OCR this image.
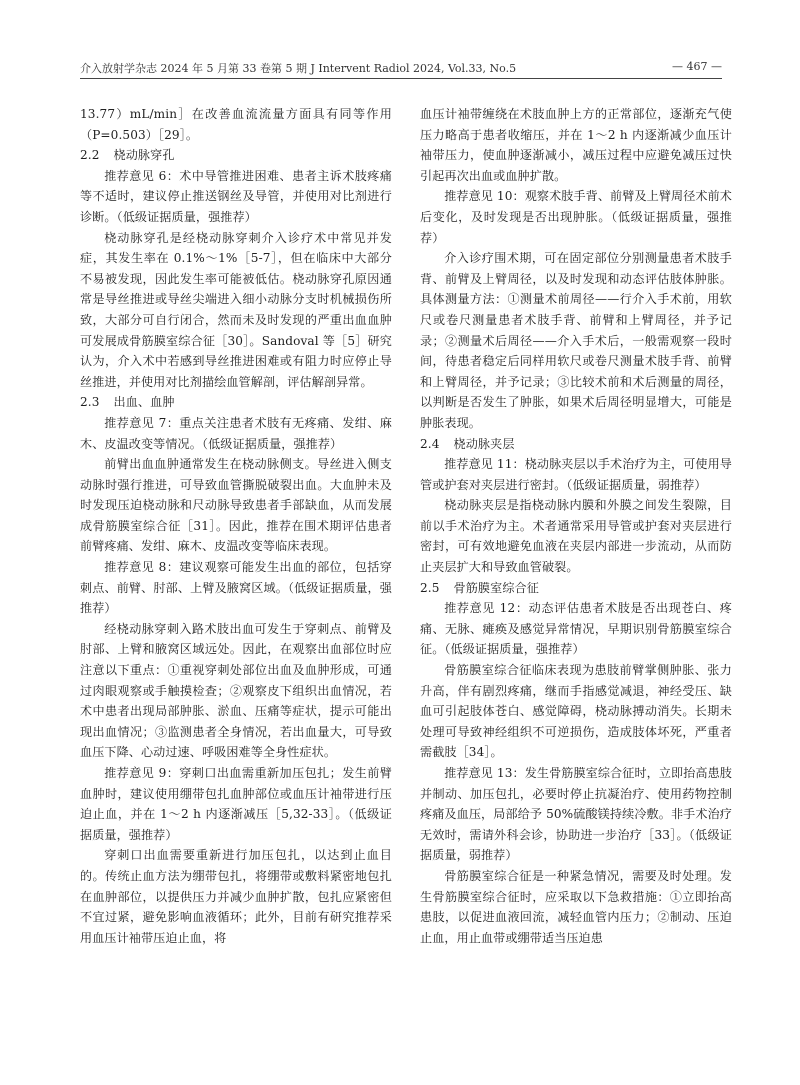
介入放射学杂志 2024 年 5 月第 33 卷第 5 期 J Intervent Radiol 2024, Vol.33, No.5	— 467 —

13.77）mL/min］在改善血流流量方面具有同等作用（P=0.503）［29］。

2.2 桡动脉穿孔

推荐意见 6：术中导管推进困难、患者主诉术肢疼痛等不适时，建议停止推送钢丝及导管，并使用对比剂进行诊断。（低级证据质量，强推荐）

桡动脉穿孔是经桡动脉穿刺介入诊疗术中常见并发症，其发生率在 0.1%～1%［5-7］，但在临床中大部分不易被发现，因此发生率可能被低估。桡动脉穿孔原因通常是导丝推进或导丝尖端进入细小动脉分支时机械损伤所致，大部分可自行闭合，然而未及时发现的严重出血血肿可发展成骨筋膜室综合征［30］。Sandoval 等［5］研究认为，介入术中若感到导丝推进困难或有阻力时应停止导丝推进，并使用对比剂描绘血管解剖，评估解剖异常。

2.3 出血、血肿

推荐意见 7：重点关注患者术肢有无疼痛、发绀、麻木、皮温改变等情况。（低级证据质量，强推荐）

前臂出血血肿通常发生在桡动脉侧支。导丝进入侧支动脉时强行推进，可导致血管撕脱破裂出血。大血肿未及时发现压迫桡动脉和尺动脉导致患者手部缺血，从而发展成骨筋膜室综合征［31］。因此，推荐在围术期评估患者前臂疼痛、发绀、麻木、皮温改变等临床表现。

推荐意见 8：建议观察可能发生出血的部位，包括穿刺点、前臂、肘部、上臂及腋窝区域。（低级证据质量，强推荐）

经桡动脉穿刺入路术肢出血可发生于穿刺点、前臂及肘部、上臂和腋窝区域远处。因此，在观察出血部位时应注意以下重点：①重视穿刺处部位出血及血肿形成，可通过肉眼观察或手触摸检查；②观察皮下组织出血情况，若术中患者出现局部肿胀、淤血、压痛等症状，提示可能出现出血情况；③监测患者全身情况，若出血量大，可导致血压下降、心动过速、呼吸困难等全身性症状。

推荐意见 9：穿刺口出血需重新加压包扎；发生前臂血肿时，建议使用绷带包扎血肿部位或血压计袖带进行压迫止血，并在 1～2 h 内逐渐减压［5,32-33］。（低级证据质量，强推荐）

穿刺口出血需要重新进行加压包扎，以达到止血目的。传统止血方法为绷带包扎，将绷带或敷料紧密地包扎在血肿部位，以提供压力并减少血肿扩散，包扎应紧密但不宜过紧，避免影响血液循环；此外，目前有研究推荐采用血压计袖带压迫止血，将

血压计袖带缠绕在术肢血肿上方的正常部位，逐渐充气使压力略高于患者收缩压，并在 1～2 h 内逐渐减少血压计袖带压力，使血肿逐渐减小，减压过程中应避免减压过快引起再次出血或血肿扩散。

推荐意见 10：观察术肢手背、前臂及上臂周径术前术后变化，及时发现是否出现肿胀。（低级证据质量，强推荐）

介入诊疗围术期，可在固定部位分别测量患者术肢手背、前臂及上臂周径，以及时发现和动态评估肢体肿胀。具体测量方法：①测量术前周径——行介入手术前，用软尺或卷尺测量患者术肢手背、前臂和上臂周径，并予记录；②测量术后周径——介入手术后，一般需观察一段时间，待患者稳定后同样用软尺或卷尺测量术肢手背、前臂和上臂周径，并予记录；③比较术前和术后测量的周径，以判断是否发生了肿胀，如果术后周径明显增大，可能是肿胀表现。

2.4 桡动脉夹层

推荐意见 11：桡动脉夹层以手术治疗为主，可使用导管或护套对夹层进行密封。（低级证据质量，弱推荐）

桡动脉夹层是指桡动脉内膜和外膜之间发生裂隙，目前以手术治疗为主。术者通常采用导管或护套对夹层进行密封，可有效地避免血液在夹层内部进一步流动，从而防止夹层扩大和导致血管破裂。

2.5 骨筋膜室综合征

推荐意见 12：动态评估患者术肢是否出现苍白、疼痛、无脉、瘫痪及感觉异常情况，早期识别骨筋膜室综合征。（低级证据质量，强推荐）

骨筋膜室综合征临床表现为患肢前臂掌侧肿胀、张力升高，伴有剧烈疼痛，继而手指感觉减退，神经受压、缺血可引起肢体苍白、感觉障碍，桡动脉搏动消失。长期未处理可导致神经组织不可逆损伤，造成肢体坏死，严重者需截肢［34］。

推荐意见 13：发生骨筋膜室综合征时，立即抬高患肢并制动、加压包扎，必要时停止抗凝治疗、使用药物控制疼痛及血压，局部给予 50%硫酸镁持续冷敷。非手术治疗无效时，需请外科会诊，协助进一步治疗［33］。（低级证据质量，弱推荐）

骨筋膜室综合征是一种紧急情况，需要及时处理。发生骨筋膜室综合征时，应采取以下急救措施：①立即抬高患肢，以促进血液回流，减轻血管内压力；②制动、压迫止血，用止血带或绷带适当压迫患
